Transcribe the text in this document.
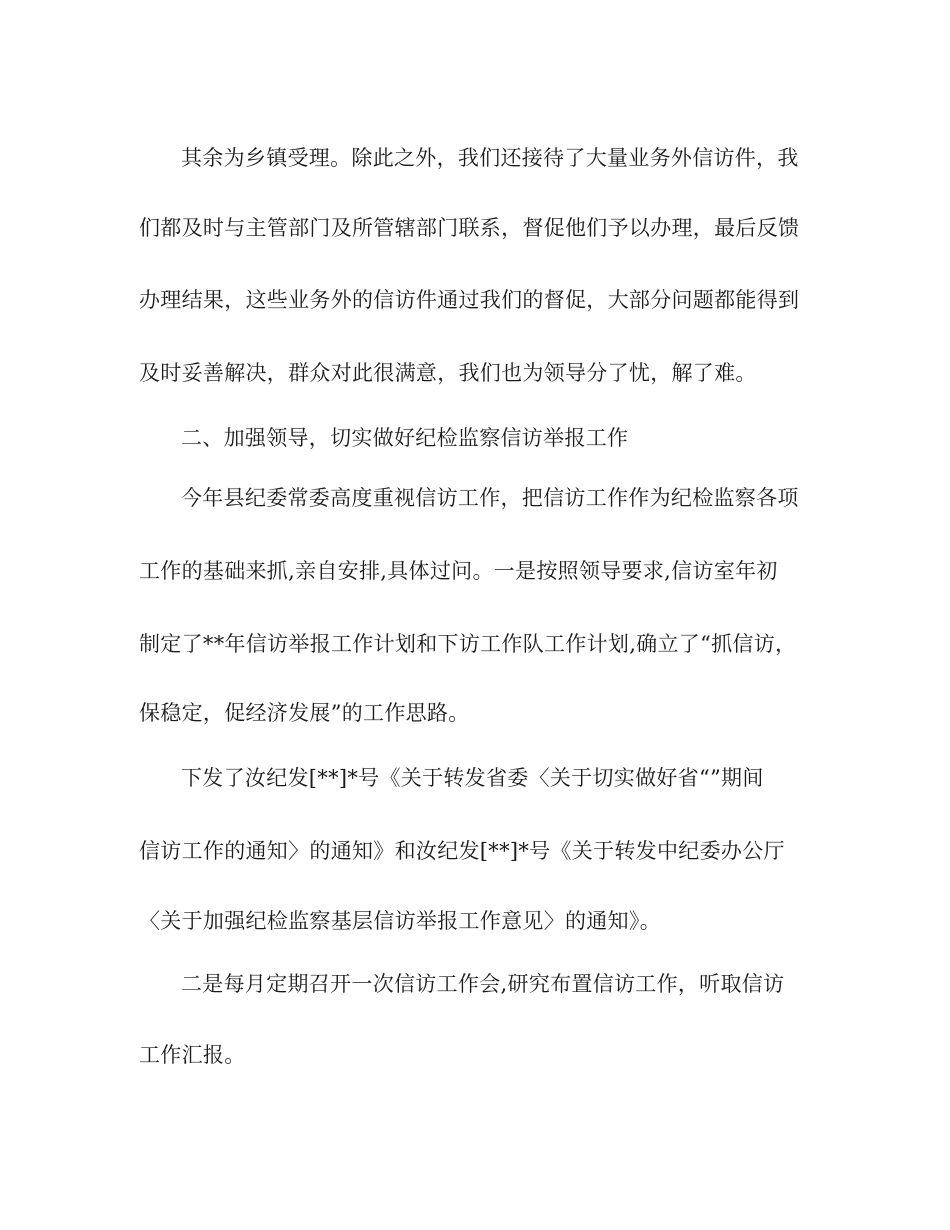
其余为乡镇受理。除此之外，我们还接待了大量业务外信访件，我
们都及时与主管部门及所管辖部门联系，督促他们予以办理，最后反馈
办理结果，这些业务外的信访件通过我们的督促，大部分问题都能得到
及时妥善解决，群众对此很满意，我们也为领导分了忧，解了难。
二、加强领导，切实做好纪检监察信访举报工作
今年县纪委常委高度重视信访工作，把信访工作作为纪检监察各项
工作的基础来抓,亲自安排,具体过问。一是按照领导要求,信访室年初
制定了**年信访举报工作计划和下访工作队工作计划,确立了“抓信访，
保稳定，促经济发展”的工作思路。
下发了汝纪发[**]*号《关于转发省委〈关于切实做好省“”期间
信访工作的通知〉的通知》和汝纪发[**]*号《关于转发中纪委办公厅
〈关于加强纪检监察基层信访举报工作意见〉的通知》。
二是每月定期召开一次信访工作会,研究布置信访工作，听取信访
工作汇报。
